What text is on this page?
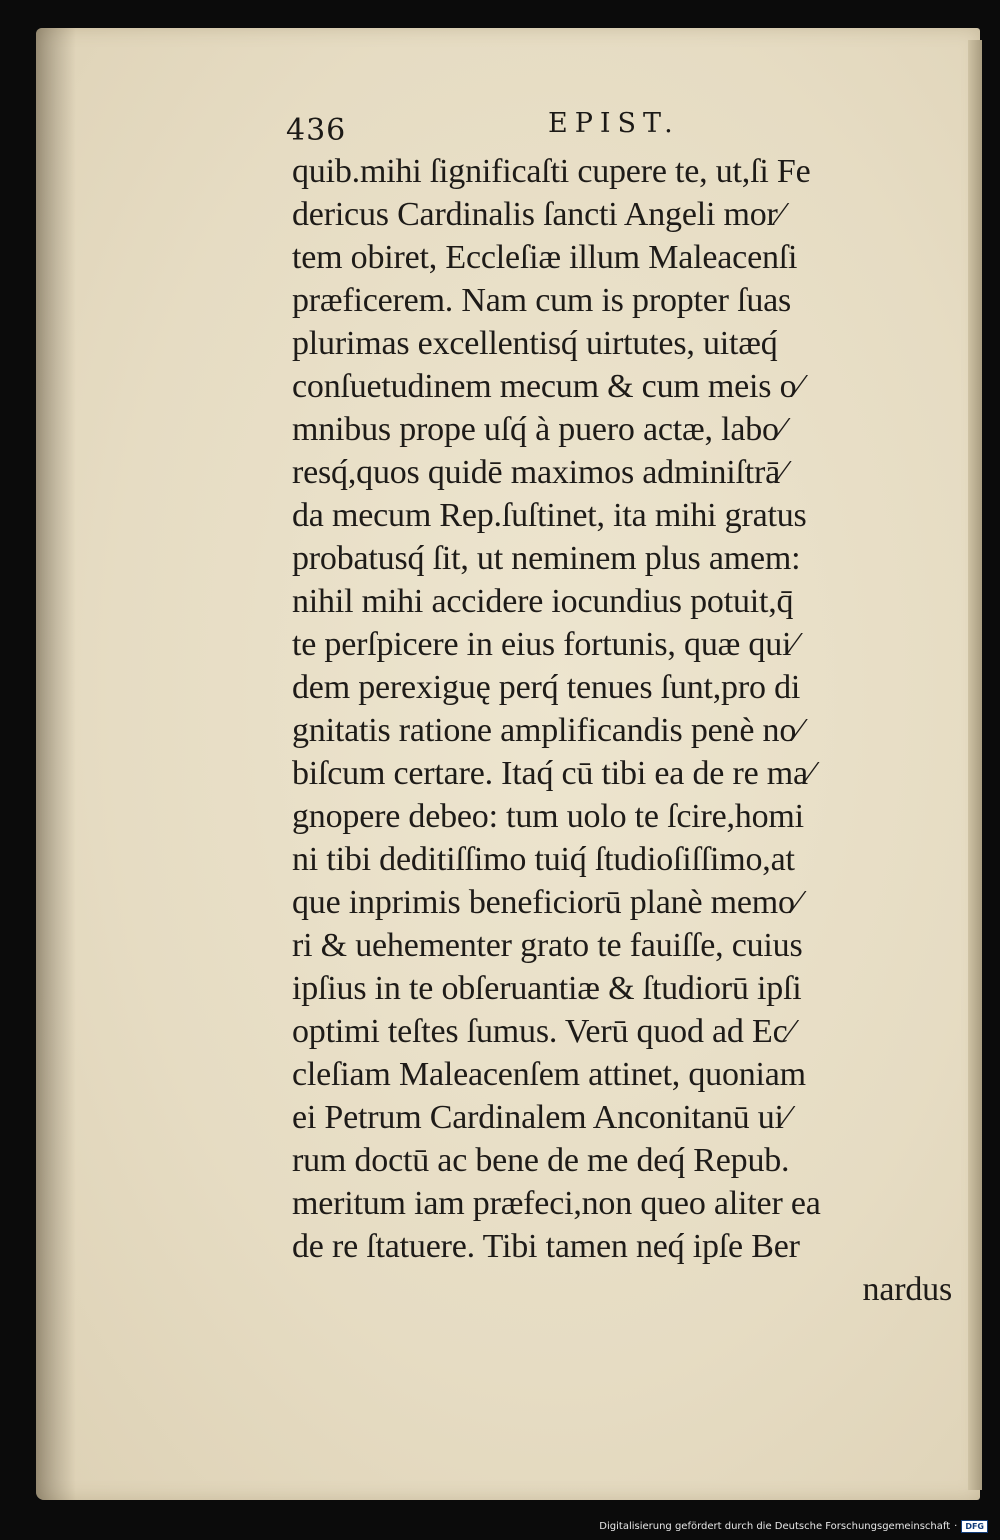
436	EPIST.
quib.mihi ſignificaſti cupere te, ut,ſi Fe
dericus Cardinalis ſancti Angeli mor⁄
tem obiret, Eccleſiæ illum Maleacenſi
præficerem. Nam cum is propter ſuas
plurimas excellentisq́ uirtutes, uitæq́
conſuetudinem mecum & cum meis o⁄
mnibus prope uſq́ à puero actæ, labo⁄
resq́,quos quidē maximos adminiſtrā⁄
da mecum Rep.ſuſtinet, ita mihi gratus
probatusq́ ſit, ut neminem plus amem:
nihil mihi accidere iocundius potuit,q̄
te perſpicere in eius fortunis, quæ qui⁄
dem perexiguę perq́ tenues ſunt,pro di
gnitatis ratione amplificandis penè no⁄
biſcum certare. Itaq́ cū tibi ea de re ma⁄
gnopere debeo: tum uolo te ſcire,homi
ni tibi deditiſſimo tuiq́ ſtudioſiſſimo,at
que inprimis beneficiorū planè memo⁄
ri & uehementer grato te fauiſſe, cuius
ipſius in te obſeruantiæ & ſtudiorū ipſi
optimi teſtes ſumus. Verū quod ad Ec⁄
cleſiam Maleacenſem attinet, quoniam
ei Petrum Cardinalem Anconitanū ui⁄
rum doctū ac bene de me deq́ Repub.
meritum iam præfeci,non queo aliter ea
de re ſtatuere. Tibi tamen neq́ ipſe Ber
nardus
Digitalisierung gefördert durch die Deutsche Forschungsgemeinschaft ·	DFG
